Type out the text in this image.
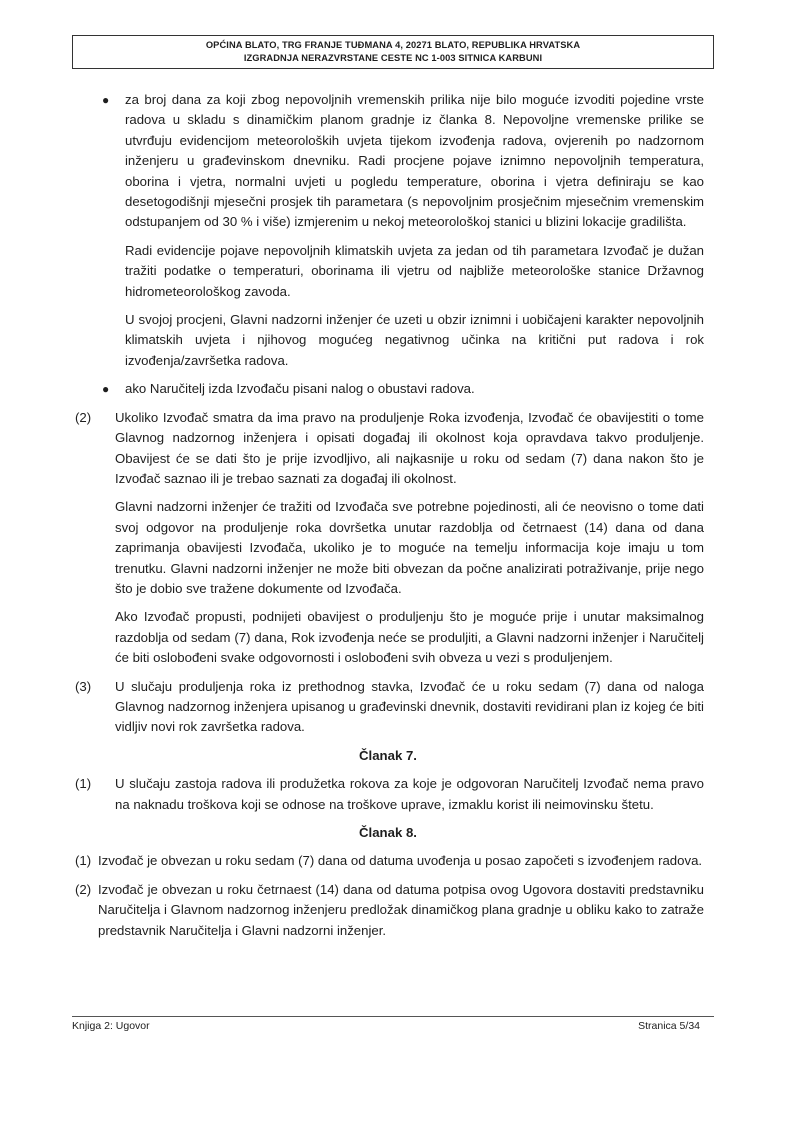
OPĆINA BLATO, TRG FRANJE TUĐMANA 4, 20271 BLATO, REPUBLIKA HRVATSKA
IZGRADNJA NERAZVRSTANE CESTE NC 1-003 SITNICA KARBUNI
● za broj dana za koji zbog nepovoljnih vremenskih prilika nije bilo moguće izvoditi pojedine vrste radova u skladu s dinamičkim planom gradnje iz članka 8. Nepovoljne vremenske prilike se utvrđuju evidencijom meteoroloških uvjeta tijekom izvođenja radova, ovjerenih po nadzornom inženjeru u građevinskom dnevniku. Radi procjene pojave iznimno nepovoljnih temperatura, oborina i vjetra, normalni uvjeti u pogledu temperature, oborina i vjetra definiraju se kao desetogodišnji mjesečni prosjek tih parametara (s nepovoljnim prosječnim mjesečnim vremenskim odstupanjem od 30 % i više) izmjerenim u nekoj meteorološkoj stanici u blizini lokacije gradilišta.
Radi evidencije pojave nepovoljnih klimatskih uvjeta za jedan od tih parametara Izvođač je dužan tražiti podatke o temperaturi, oborinama ili vjetru od najbliže meteorološke stanice Državnog hidrometeorološkog zavoda.
U svojoj procjeni, Glavni nadzorni inženjer će uzeti u obzir iznimni i uobičajeni karakter nepovoljnih klimatskih uvjeta i njihovog mogućeg negativnog učinka na kritični put radova i rok izvođenja/završetka radova.
● ako Naručitelj izda Izvođaču pisani nalog o obustavi radova.
(2) Ukoliko Izvođač smatra da ima pravo na produljenje Roka izvođenja, Izvođač će obavijestiti o tome Glavnog nadzornog inženjera i opisati događaj ili okolnost koja opravdava takvo produljenje. Obavijest će se dati što je prije izvodljivo, ali najkasnije u roku od sedam (7) dana nakon što je Izvođač saznao ili je trebao saznati za događaj ili okolnost.
Glavni nadzorni inženjer će tražiti od Izvođača sve potrebne pojedinosti, ali će neovisno o tome dati svoj odgovor na produljenje roka dovršetka unutar razdoblja od četrnaest (14) dana od dana zaprimanja obavijesti Izvođača, ukoliko je to moguće na temelju informacija koje imaju u tom trenutku. Glavni nadzorni inženjer ne može biti obvezan da počne analizirati potraživanje, prije nego što je dobio sve tražene dokumente od Izvođača.
Ako Izvođač propusti, podnijeti obavijest o produljenju što je moguće prije i unutar maksimalnog razdoblja od sedam (7) dana, Rok izvođenja neće se produljiti, a Glavni nadzorni inženjer i Naručitelj će biti oslobođeni svake odgovornosti i oslobođeni svih obveza u vezi s produljenjem.
(3) U slučaju produljenja roka iz prethodnog stavka, Izvođač će u roku sedam (7) dana od naloga Glavnog nadzornog inženjera upisanog u građevinski dnevnik, dostaviti revidirani plan iz kojeg će biti vidljiv novi rok završetka radova.
Članak 7.
(1) U slučaju zastoja radova ili produžetka rokova za koje je odgovoran Naručitelj Izvođač nema pravo na naknadu troškova koji se odnose na troškove uprave, izmaklu korist ili neimovinsku štetu.
Članak 8.
(1) Izvođač je obvezan u roku sedam (7) dana od datuma uvođenja u posao započeti s izvođenjem radova.
(2) Izvođač je obvezan u roku četrnaest (14) dana od datuma potpisa ovog Ugovora dostaviti predstavniku Naručitelja i Glavnom nadzornog inženjeru predložak dinamičkog plana gradnje u obliku kako to zatraže predstavnik Naručitelja i Glavni nadzorni inženjer.
Knjiga 2: Ugovor	Stranica 5/34
